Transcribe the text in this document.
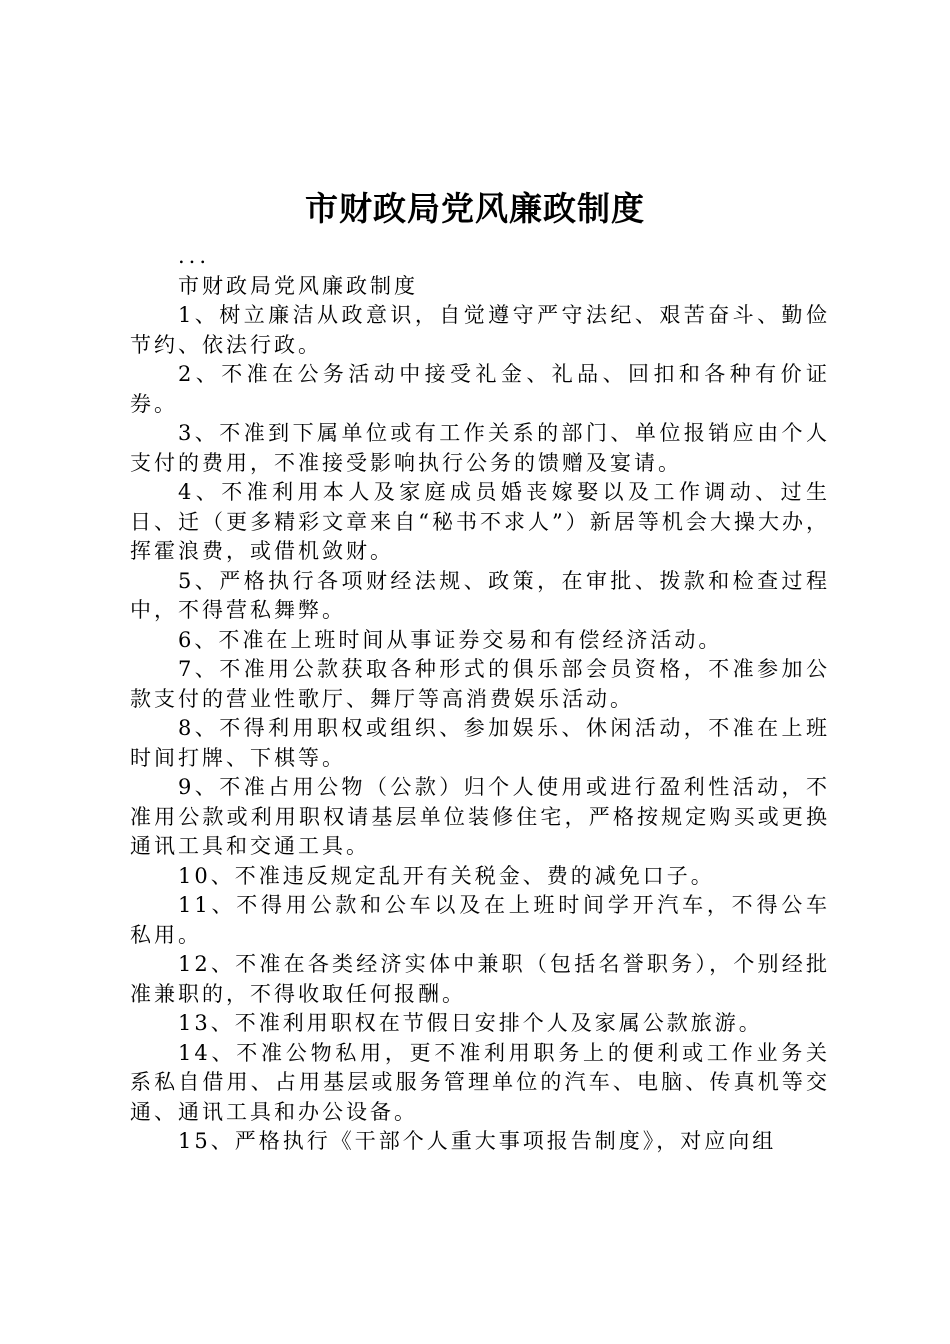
市财政局党风廉政制度

...

市财政局党风廉政制度

1、树立廉洁从政意识，自觉遵守严守法纪、艰苦奋斗、勤俭节约、依法行政。

2、不准在公务活动中接受礼金、礼品、回扣和各种有价证券。

3、不准到下属单位或有工作关系的部门、单位报销应由个人支付的费用，不准接受影响执行公务的馈赠及宴请。

4、不准利用本人及家庭成员婚丧嫁娶以及工作调动、过生日、迁（更多精彩文章来自“秘书不求人”）新居等机会大操大办，挥霍浪费，或借机敛财。

5、严格执行各项财经法规、政策，在审批、拨款和检查过程中，不得营私舞弊。

6、不准在上班时间从事证券交易和有偿经济活动。

7、不准用公款获取各种形式的俱乐部会员资格，不准参加公款支付的营业性歌厅、舞厅等高消费娱乐活动。

8、不得利用职权或组织、参加娱乐、休闲活动，不准在上班时间打牌、下棋等。

9、不准占用公物（公款）归个人使用或进行盈利性活动，不准用公款或利用职权请基层单位装修住宅，严格按规定购买或更换通讯工具和交通工具。

10、不准违反规定乱开有关税金、费的减免口子。

11、不得用公款和公车以及在上班时间学开汽车，不得公车私用。

12、不准在各类经济实体中兼职（包括名誉职务），个别经批准兼职的，不得收取任何报酬。

13、不准利用职权在节假日安排个人及家属公款旅游。

14、不准公物私用，更不准利用职务上的便利或工作业务关系私自借用、占用基层或服务管理单位的汽车、电脑、传真机等交通、通讯工具和办公设备。

15、严格执行《干部个人重大事项报告制度》，对应向组
